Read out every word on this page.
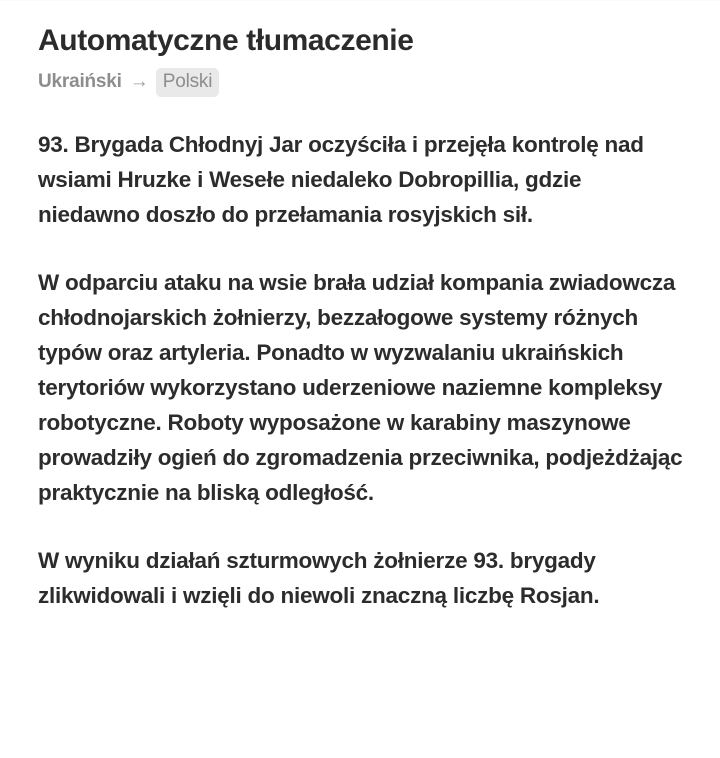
Automatyczne tłumaczenie
Ukraiński → Polski

93. Brygada Chłodnyj Jar oczyściła i przejęła kontrolę nad wsiami Hruzke i Wesełe niedaleko Dobropillia, gdzie niedawno doszło do przełamania rosyjskich sił.

W odparciu ataku na wsie brała udział kompania zwiadowcza chłodnojarskich żołnierzy, bezzałogowe systemy różnych typów oraz artyleria. Ponadto w wyzwalaniu ukraińskich terytoriów wykorzystano uderzeniowe naziemne kompleksy robotyczne. Roboty wyposażone w karabiny maszynowe prowadziły ogień do zgromadzenia przeciwnika, podjeżdżając praktycznie na bliską odległość.

W wyniku działań szturmowych żołnierze 93. brygady zlikwidowali i wzięli do niewoli znaczną liczbę Rosjan.
